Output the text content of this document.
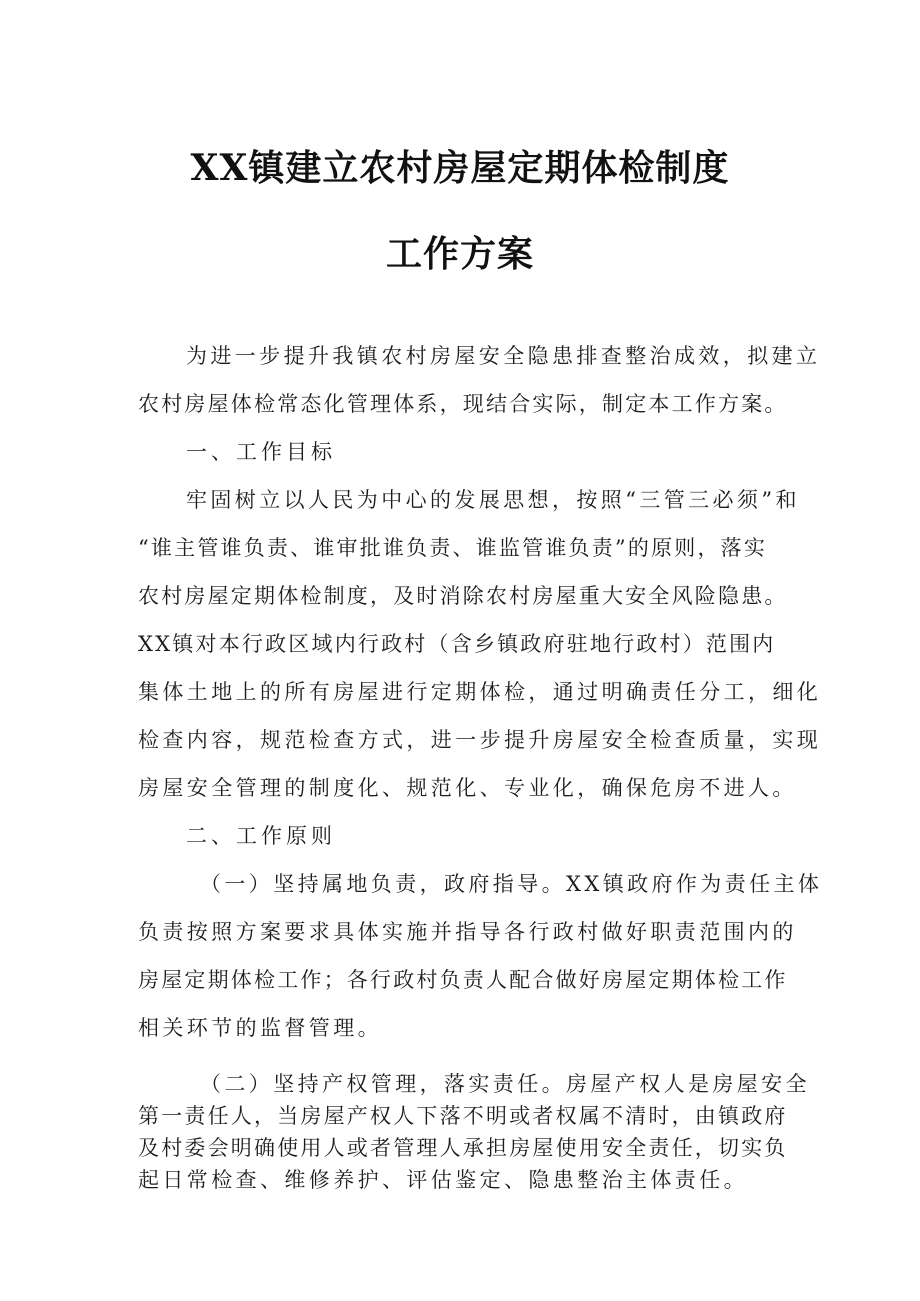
XX镇建立农村房屋定期体检制度
工作方案

为进一步提升我镇农村房屋安全隐患排查整治成效，拟建立

农村房屋体检常态化管理体系，现结合实际，制定本工作方案。

一、工作目标

牢固树立以人民为中心的发展思想，按照“三管三必须”和

“谁主管谁负责、谁审批谁负责、谁监管谁负责”的原则，落实

农村房屋定期体检制度，及时消除农村房屋重大安全风险隐患。

XX镇对本行政区域内行政村（含乡镇政府驻地行政村）范围内

集体土地上的所有房屋进行定期体检，通过明确责任分工，细化

检查内容，规范检查方式，进一步提升房屋安全检查质量，实现

房屋安全管理的制度化、规范化、专业化，确保危房不进人。

二、工作原则

（一）坚持属地负责，政府指导。XX镇政府作为责任主体

负责按照方案要求具体实施并指导各行政村做好职责范围内的

房屋定期体检工作；各行政村负责人配合做好房屋定期体检工作

相关环节的监督管理。

（二）坚持产权管理，落实责任。房屋产权人是房屋安全

第一责任人，当房屋产权人下落不明或者权属不清时，由镇政府

及村委会明确使用人或者管理人承担房屋使用安全责任，切实负

起日常检查、维修养护、评估鉴定、隐患整治主体责任。
